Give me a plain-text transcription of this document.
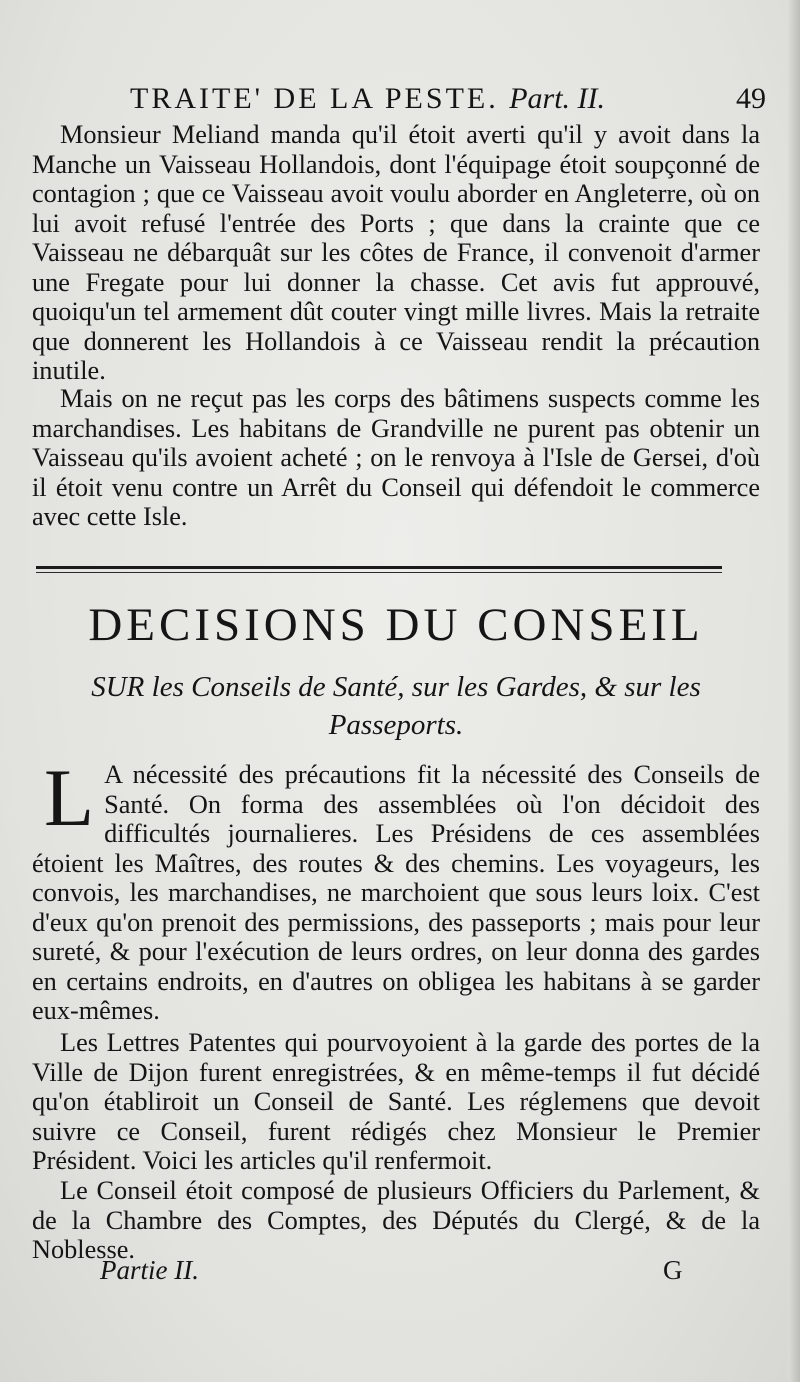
TRAITE' DE LA PESTE. Part. II.	49

Monsieur Meliand manda qu'il étoit averti qu'il y avoit dans la Manche un Vaisseau Hollandois, dont l'équipage étoit soupçonné de contagion ; que ce Vaisseau avoit voulu aborder en Angleterre, où on lui avoit refusé l'entrée des Ports ; que dans la crainte que ce Vaisseau ne débarquât sur les côtes de France, il convenoit d'armer une Fregate pour lui donner la chasse. Cet avis fut approuvé, quoiqu'un tel armement dût couter vingt mille livres. Mais la retraite que donnerent les Hollandois à ce Vaisseau rendit la précaution inutile.

Mais on ne reçut pas les corps des bâtimens suspects comme les marchandises. Les habitans de Grandville ne purent pas obtenir un Vaisseau qu'ils avoient acheté ; on le renvoya à l'Isle de Gersei, d'où il étoit venu contre un Arrêt du Conseil qui défendoit le commerce avec cette Isle.

DECISIONS DU CONSEIL

SUR les Conseils de Santé, sur les Gardes, & sur les Passeports.

L A nécessité des précautions fit la nécessité des Conseils de Santé. On forma des assemblées où l'on décidoit des difficultés journalieres. Les Présidens de ces assemblées étoient les Maîtres, des routes & des chemins. Les voyageurs, les convois, les marchandises, ne marchoient que sous leurs loix. C'est d'eux qu'on prenoit des permissions, des passeports ; mais pour leur sureté, & pour l'exécution de leurs ordres, on leur donna des gardes en certains endroits, en d'autres on obligea les habitans à se garder eux-mêmes.

Les Lettres Patentes qui pourvoyoient à la garde des portes de la Ville de Dijon furent enregistrées, & en même-temps il fut décidé qu'on établiroit un Conseil de Santé. Les réglemens que devoit suivre ce Conseil, furent rédigés chez Monsieur le Premier Président. Voici les articles qu'il renfermoit.

Le Conseil étoit composé de plusieurs Officiers du Parlement, & de la Chambre des Comptes, des Députés du Clergé, & de la Noblesse.

Partie II.	G
